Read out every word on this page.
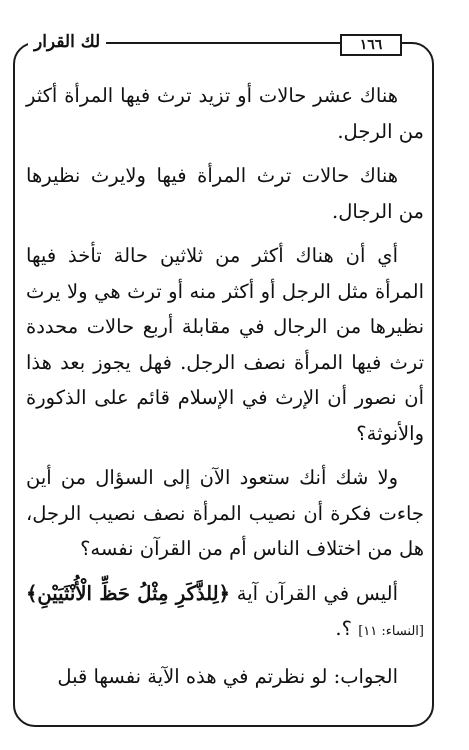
١٦٦
لك القرار

هناك عشر حالات أو تزيد ترث فيها المرأة أكثر من الرجل.

هناك حالات ترث المرأة فيها ولايرث نظيرها من الرجال.

أي أن هناك أكثر من ثلاثين حالة تأخذ فيها المرأة مثل الرجل أو أكثر منه أو ترث هي ولا يرث نظيرها من الرجال في مقابلة أربع حالات محددة ترث فيها المرأة نصف الرجل. فهل يجوز بعد هذا أن نصور أن الإرث في الإسلام قائم على الذكورة والأنوثة؟

ولا شك أنك ستعود الآن إلى السؤال من أين جاءت فكرة أن نصيب المرأة نصف نصيب الرجل، هل من اختلاف الناس أم من القرآن نفسه؟

أليس في القرآن آية ﴿لِلذَّكَرِ مِثْلُ حَظِّ الْأُنْثَيَيْنِ﴾ [النساء: ١١] ؟.

الجواب: لو نظرتم في هذه الآية نفسها قبل
